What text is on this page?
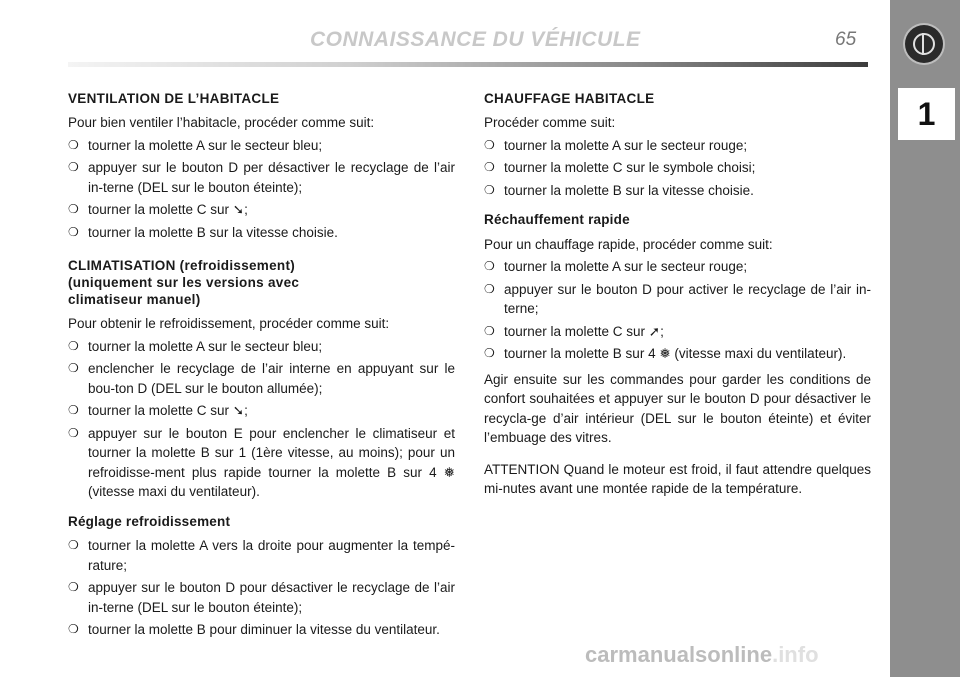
CONNAISSANCE DU VÉHICULE	65
1
VENTILATION DE L’HABITACLE

Pour bien ventiler l’habitacle, procéder comme suit:

❍ tourner la molette A sur le secteur bleu;
❍ appuyer sur le bouton D per désactiver le recyclage de l’air in-terne (DEL sur le bouton éteinte);
❍ tourner la molette C sur ➘;
❍ tourner la molette B sur la vitesse choisie.
CLIMATISATION (refroidissement) (uniquement sur les versions avec climatiseur manuel)

Pour obtenir le refroidissement, procéder comme suit:

❍ tourner la molette A sur le secteur bleu;
❍ enclencher le recyclage de l’air interne en appuyant sur le bou-ton D (DEL sur le bouton allumée);
❍ tourner la molette C sur ➘;
❍ appuyer sur le bouton E pour enclencher le climatiseur et tourner la molette B sur 1 (1ère vitesse, au moins); pour un refroidisse-ment plus rapide tourner la molette B sur 4 ❅ (vitesse maxi du ventilateur).
Réglage refroidissement
❍ tourner la molette A vers la droite pour augmenter la tempé-rature;
❍ appuyer sur le bouton D pour désactiver le recyclage de l’air in-terne (DEL sur le bouton éteinte);
❍ tourner la molette B pour diminuer la vitesse du ventilateur.
CHAUFFAGE HABITACLE

Procéder comme suit:

❍ tourner la molette A sur le secteur rouge;
❍ tourner la molette C sur le symbole choisi;
❍ tourner la molette B sur la vitesse choisie.
Réchauffement rapide

Pour un chauffage rapide, procéder comme suit:

❍ tourner la molette A sur le secteur rouge;
❍ appuyer sur le bouton D pour activer le recyclage de l’air in-terne;
❍ tourner la molette C sur ➚;
❍ tourner la molette B sur 4 ❅ (vitesse maxi du ventilateur).

Agir ensuite sur les commandes pour garder les conditions de confort souhaitées et appuyer sur le bouton D pour désactiver le recycla-ge d’air intérieur (DEL sur le bouton éteinte) et éviter l’embuage des vitres.

ATTENTION Quand le moteur est froid, il faut attendre quelques mi-nutes avant une montée rapide de la température.

carmanualsonline.info
